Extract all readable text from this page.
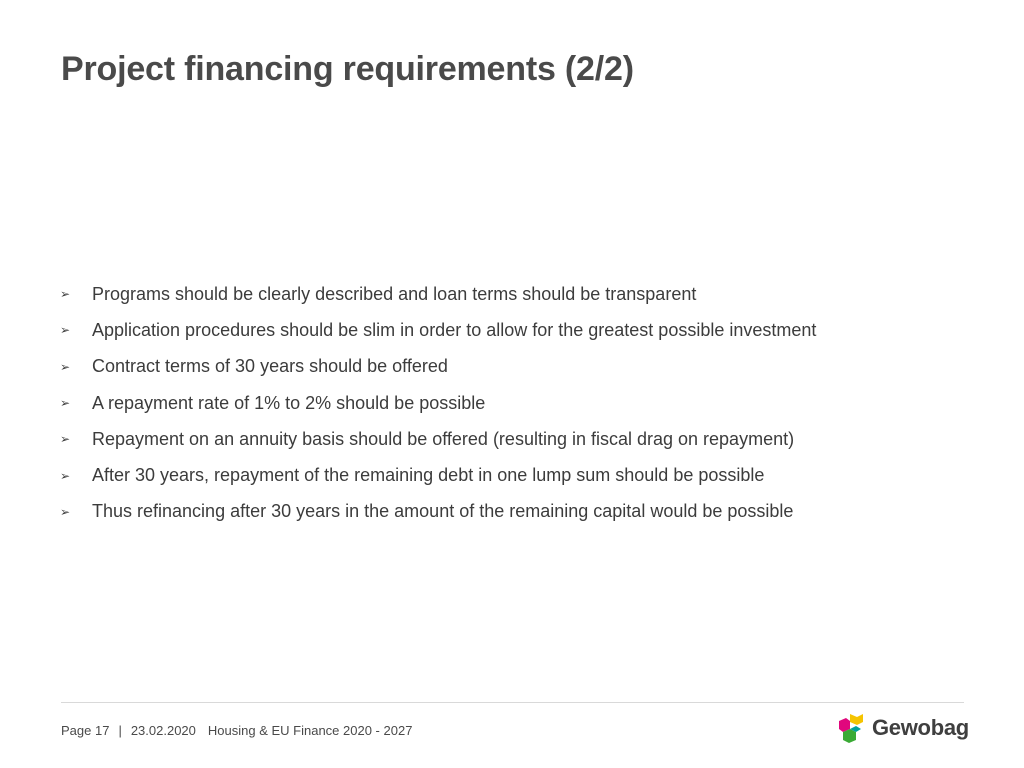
Project financing requirements (2/2)
➢	Programs should be clearly described and loan terms should be transparent
➢	Application procedures should be slim in order to allow for the greatest possible investment
➢	Contract terms of 30 years should be offered
➢	A repayment rate of 1% to 2% should be possible
➢	Repayment on an annuity basis should be offered (resulting in fiscal drag on repayment)
➢	After 30 years, repayment of the remaining debt in one lump sum should be possible
➢	Thus refinancing after 30 years in the amount of the remaining capital would be possible
Page 17 | 23.02.2020 Housing & EU Finance 2020 - 2027	Gewobag
